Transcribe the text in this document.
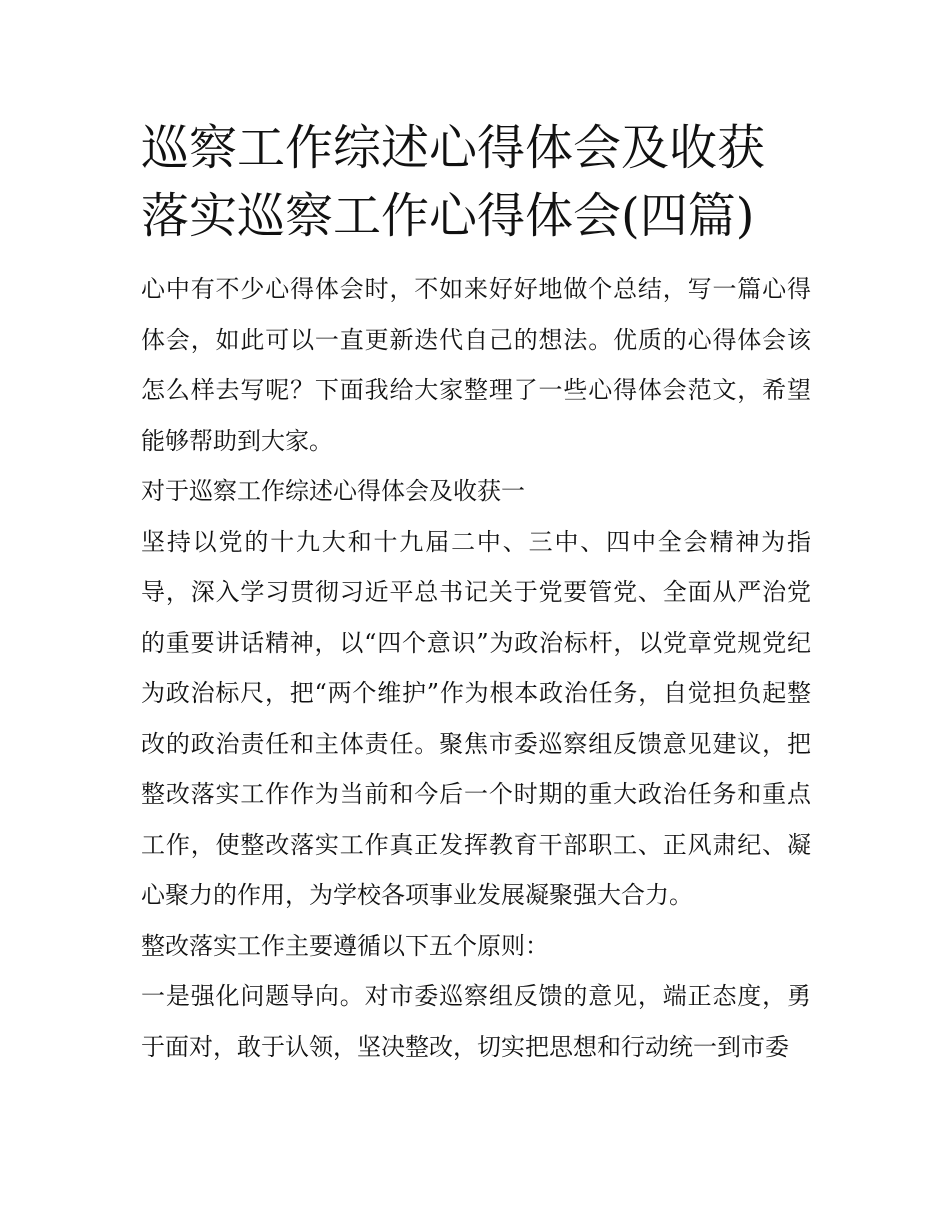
巡察工作综述心得体会及收获
落实巡察工作心得体会(四篇)

心中有不少心得体会时，不如来好好地做个总结，写一篇心得体会，如此可以一直更新迭代自己的想法。优质的心得体会该怎么样去写呢？下面我给大家整理了一些心得体会范文，希望能够帮助到大家。

对于巡察工作综述心得体会及收获一

坚持以党的十九大和十九届二中、三中、四中全会精神为指导，深入学习贯彻习近平总书记关于党要管党、全面从严治党的重要讲话精神，以“四个意识”为政治标杆，以党章党规党纪为政治标尺，把“两个维护”作为根本政治任务，自觉担负起整改的政治责任和主体责任。聚焦市委巡察组反馈意见建议，把整改落实工作作为当前和今后一个时期的重大政治任务和重点工作，使整改落实工作真正发挥教育干部职工、正风肃纪、凝心聚力的作用，为学校各项事业发展凝聚强大合力。

整改落实工作主要遵循以下五个原则：

一是强化问题导向。对市委巡察组反馈的意见，端正态度，勇于面对，敢于认领，坚决整改，切实把思想和行动统一到市委
